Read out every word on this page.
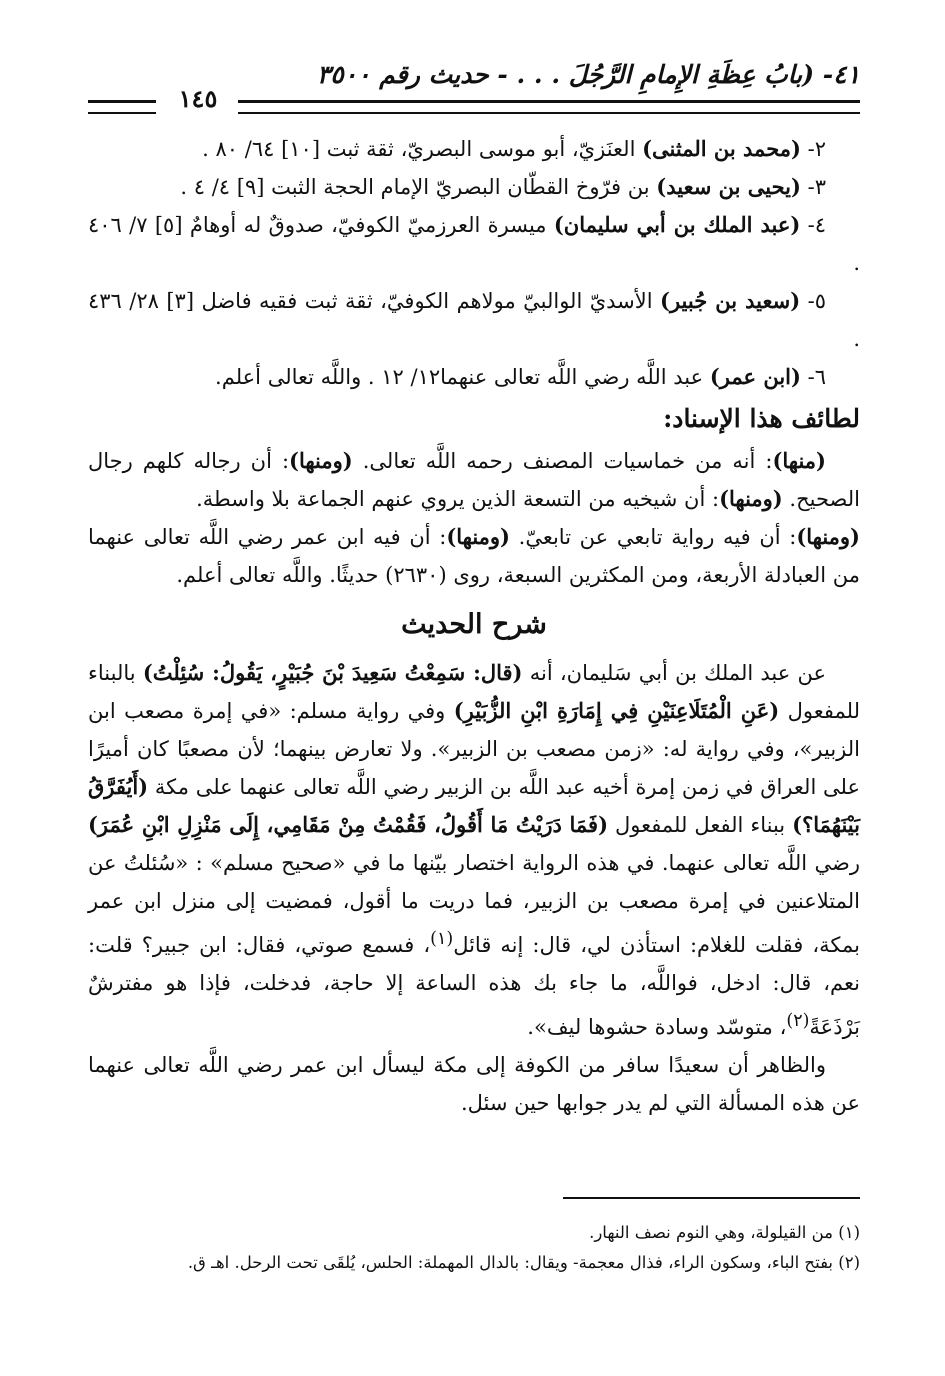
٤١- (بابُ عِظَةِ الإِمامِ الرَّجُلَ . . . - حديث رقم ٣٥٠٠
١٤٥

٢- (محمد بن المثنى) العنَزيّ، أبو موسى البصريّ، ثقة ثبت [١٠] ٦٤/ ٨٠ .

٣- (يحيى بن سعيد) بن فرّوخ القطّان البصريّ الإمام الحجة الثبت [٩] ٤/ ٤ .

٤- (عبد الملك بن أبي سليمان) ميسرة العرزميّ الكوفيّ، صدوقٌ له أوهامٌ [٥] ٧/ ٤٠٦ .

٥- (سعيد بن جُبير) الأسديّ الوالبيّ مولاهم الكوفيّ، ثقة ثبت فقيه فاضل [٣] ٢٨/ ٤٣٦ .

٦- (ابن عمر) عبد اللَّه رضي اللَّه تعالى عنهما١٢/ ١٢ . واللَّه تعالى أعلم.

لطائف هذا الإسناد:

(منها): أنه من خماسيات المصنف رحمه اللَّه تعالى. (ومنها): أن رجاله كلهم رجال الصحيح. (ومنها): أن شيخيه من التسعة الذين يروي عنهم الجماعة بلا واسطة.

(ومنها): أن فيه رواية تابعي عن تابعيّ. (ومنها): أن فيه ابن عمر رضي اللَّه تعالى عنهما من العبادلة الأربعة، ومن المكثرين السبعة، روى (٢٦٣٠) حديثًا. واللَّه تعالى أعلم.

شرح الحديث

عن عبد الملك بن أبي سَليمان، أنه (قال: سَمِعْتُ سَعِيدَ بْنَ جُبَيْرٍ، يَقُولُ: سُئِلْتُ) بالبناء للمفعول (عَنِ الْمُتَلَاعِنَيْنِ فِي إِمَارَةِ ابْنِ الزُّبَيْرِ) وفي رواية مسلم: «في إمرة مصعب ابن الزبير»، وفي رواية له: «زمن مصعب بن الزبير». ولا تعارض بينهما؛ لأن مصعبًا كان أميرًا على العراق في زمن إمرة أخيه عبد اللَّه بن الزبير رضي اللَّه تعالى عنهما على مكة (أَيُفَرَّقُ بَيْنَهُمَا؟) ببناء الفعل للمفعول (فَمَا دَرَيْتُ مَا أَقُولُ، فَقُمْتُ مِنْ مَقَامِي، إِلَى مَنْزِلِ ابْنِ عُمَرَ) رضي اللَّه تعالى عنهما. في هذه الرواية اختصار بيّنها ما في «صحيح مسلم» : «سُئلتُ عن المتلاعنين في إمرة مصعب بن الزبير، فما دريت ما أقول، فمضيت إلى منزل ابن عمر بمكة، فقلت للغلام: استأذن لي، قال: إنه قائل$^{(١)}$، فسمع صوتي، فقال: ابن جبير؟ قلت: نعم، قال: ادخل، فواللَّه، ما جاء بك هذه الساعة إلا حاجة، فدخلت، فإذا هو مفترشٌ بَرْذَعَةً$^{(٢)}$، متوسّد وسادة حشوها ليف».

والظاهر أن سعيدًا سافر من الكوفة إلى مكة ليسأل ابن عمر رضي اللَّه تعالى عنهما عن هذه المسألة التي لم يدر جوابها حين سئل.

(١) من القيلولة، وهي النوم نصف النهار.

(٢) بفتح الباء، وسكون الراء، فذال معجمة- ويقال: بالدال المهملة: الحلس، يُلقَى تحت الرحل. اهـ ق.
